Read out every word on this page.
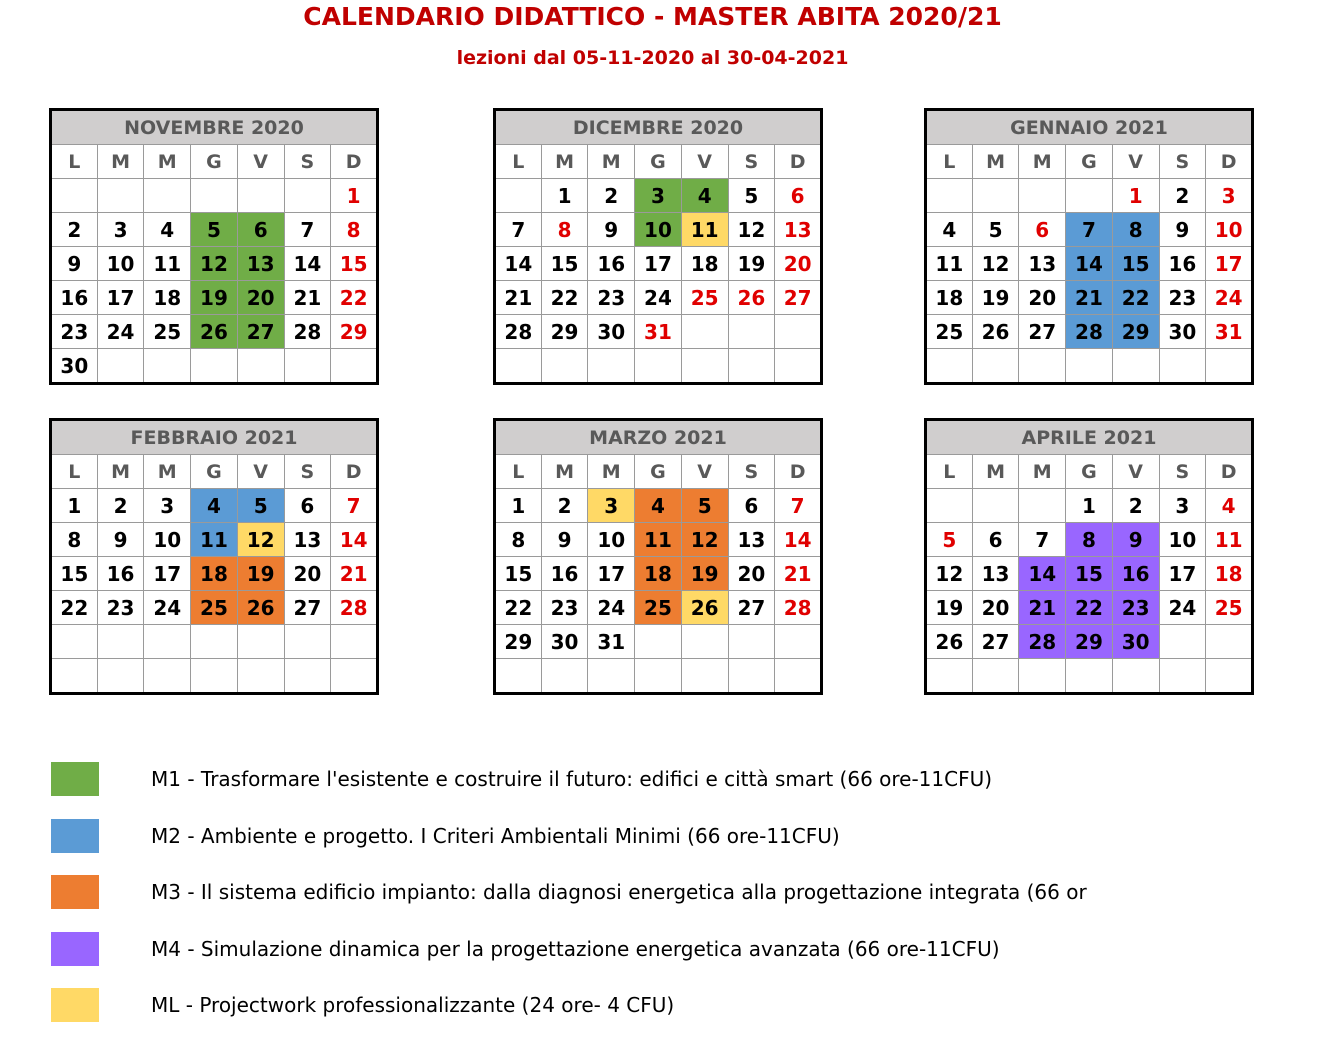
CALENDARIO DIDATTICO - MASTER ABITA 2020/21
lezioni dal 05-11-2020 al 30-04-2021
NOVEMBRE 2020						
L	M	M	G	V	S	D
						1
2	3	4	5	6	7	8
9	10	11	12	13	14	15
16	17	18	19	20	21	22
23	24	25	26	27	28	29
30						
DICEMBRE 2020						
L	M	M	G	V	S	D
	1	2	3	4	5	6
7	8	9	10	11	12	13
14	15	16	17	18	19	20
21	22	23	24	25	26	27
28	29	30	31			

GENNAIO 2021						
L	M	M	G	V	S	D
				1	2	3
4	5	6	7	8	9	10
11	12	13	14	15	16	17
18	19	20	21	22	23	24
25	26	27	28	29	30	31

FEBBRAIO 2021						
L	M	M	G	V	S	D
1	2	3	4	5	6	7
8	9	10	11	12	13	14
15	16	17	18	19	20	21
22	23	24	25	26	27	28

MARZO 2021						
L	M	M	G	V	S	D
1	2	3	4	5	6	7
8	9	10	11	12	13	14
15	16	17	18	19	20	21
22	23	24	25	26	27	28
29	30	31				

APRILE 2021						
L	M	M	G	V	S	D
			1	2	3	4
5	6	7	8	9	10	11
12	13	14	15	16	17	18
19	20	21	22	23	24	25
26	27	28	29	30		

M1 - Trasformare l'esistente e costruire il futuro: edifici e città smart (66 ore-11CFU)
M2 - Ambiente e progetto. I Criteri Ambientali Minimi (66 ore-11CFU)
M3 - Il sistema edificio impianto: dalla diagnosi energetica alla progettazione integrata (66 or
M4 - Simulazione dinamica per la progettazione energetica avanzata (66 ore-11CFU)
ML - Projectwork professionalizzante (24 ore- 4 CFU)
